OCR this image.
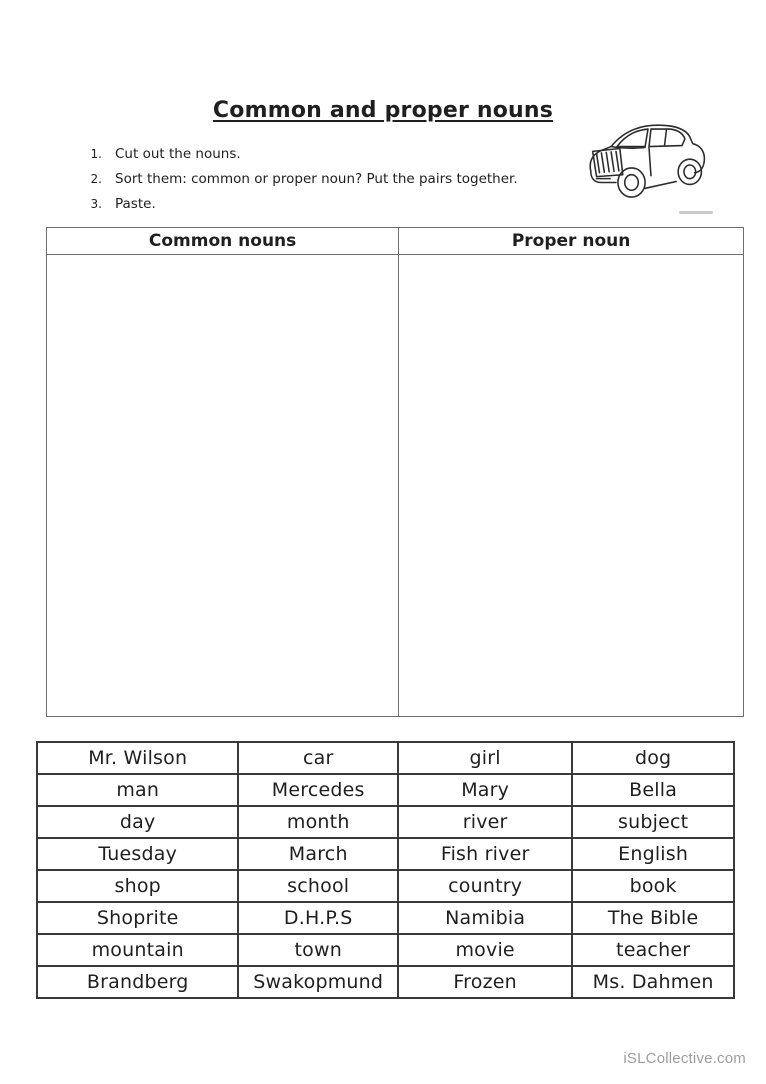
Common and proper nouns
1. Cut out the nouns.
2. Sort them: common or proper noun? Put the pairs together.
3. Paste.
Common nouns	Proper noun
Mr. Wilson	car	girl	dog
man	Mercedes	Mary	Bella
day	month	river	subject
Tuesday	March	Fish river	English
shop	school	country	book
Shoprite	D.H.P.S	Namibia	The Bible
mountain	town	movie	teacher
Brandberg	Swakopmund	Frozen	Ms. Dahmen
iSLCollective.com
